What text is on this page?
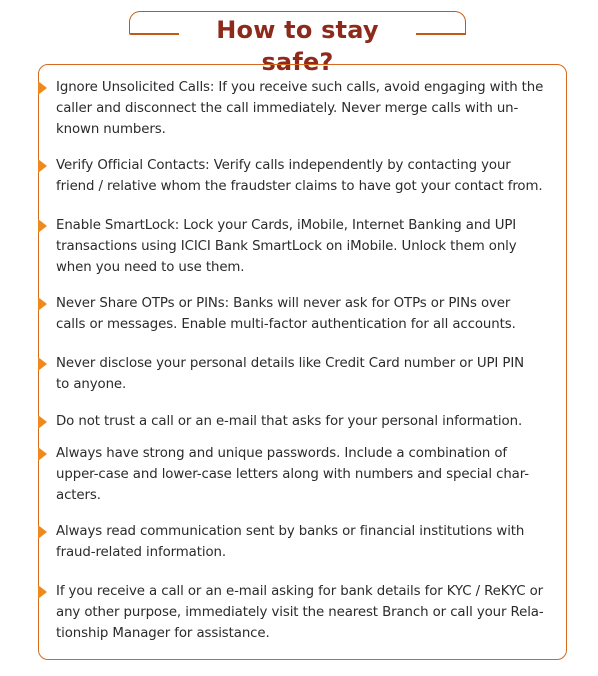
How to stay safe?
Ignore Unsolicited Calls: If you receive such calls, avoid engaging with the
caller and disconnect the call immediately. Never merge calls with un-
known numbers.
Verify Official Contacts: Verify calls independently by contacting your
friend / relative whom the fraudster claims to have got your contact from.
Enable SmartLock: Lock your Cards, iMobile, Internet Banking and UPI
transactions using ICICI Bank SmartLock on iMobile. Unlock them only
when you need to use them.
Never Share OTPs or PINs: Banks will never ask for OTPs or PINs over
calls or messages. Enable multi-factor authentication for all accounts.
Never disclose your personal details like Credit Card number or UPI PIN
to anyone.
Do not trust a call or an e-mail that asks for your personal information.
Always have strong and unique passwords. Include a combination of
upper-case and lower-case letters along with numbers and special char-
acters.
Always read communication sent by banks or financial institutions with
fraud-related information.
If you receive a call or an e-mail asking for bank details for KYC / ReKYC or
any other purpose, immediately visit the nearest Branch or call your Rela-
tionship Manager for assistance.
